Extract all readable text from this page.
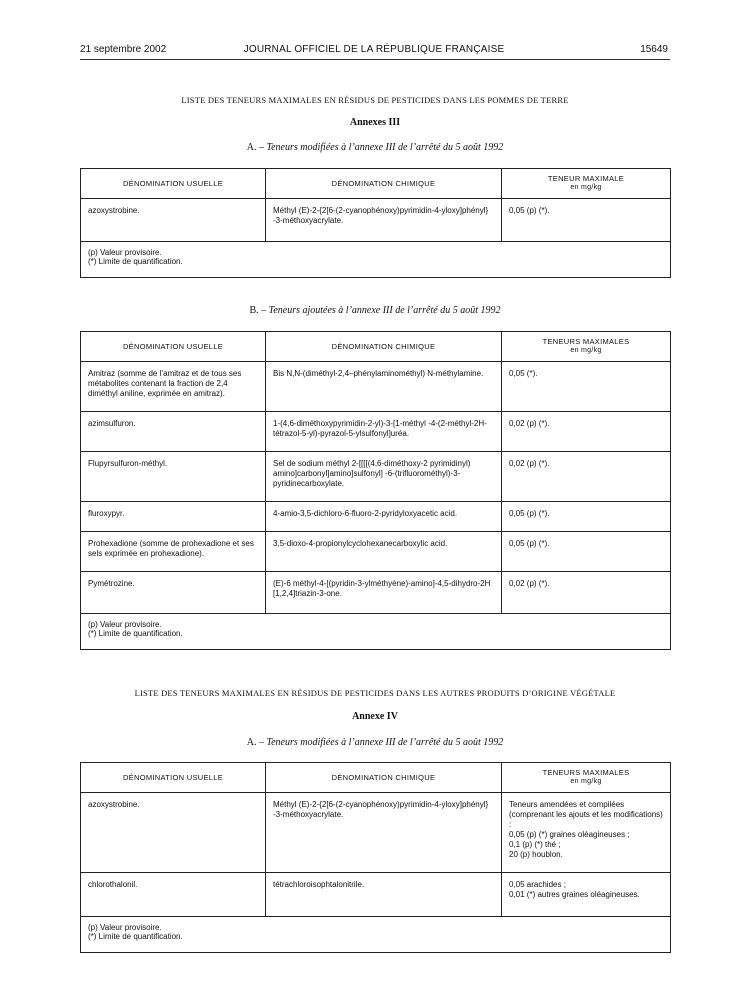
21 septembre 2002	JOURNAL OFFICIEL DE LA RÉPUBLIQUE FRANÇAISE	15649
LISTE DES TENEURS MAXIMALES EN RÉSIDUS DE PESTICIDES DANS LES POMMES DE TERRE
Annexes III
A. – Teneurs modifiées à l’annexe III de l’arrêté du 5 août 1992
DÉNOMINATION USUELLE	DÉNOMINATION CHIMIQUE	TENEUR MAXIMALE
en mg/kg

azoxystrobine.	Méthyl (E)-2-{2[6-(2-cyanophénoxy)pyrimidin-4-yloxy]phényl} -3-méthoxyacrylate.	0,05 (p) (*).

(p) Valeur provisoire.
(*) Limite de quantification.		
B. – Teneurs ajoutées à l’annexe III de l’arrêté du 5 août 1992
DÉNOMINATION USUELLE	DÉNOMINATION CHIMIQUE	TENEURS MAXIMALES
en mg/kg

Amitraz (somme de l’amitraz et de tous ses métabolites contenant la fraction de 2,4 diméthyl aniline, exprimée en amitraz).	Bis N,N-(diméthyl-2,4–phénylaminométhyl) N-méthylamine.	0,05 (*).
azimsulfuron.	1-(4,6-diméthoxypyrimidin-2-yl)-3-[1-méthyl -4-(2-méthyl-2H-tétrazol-5-yl)-pyrazol-5-ylsulfonyl]uréa.	0,02 (p) (*).
Flupyrsulfuron-méthyl.	Sel de sodium méthyl 2-[[[[(4,6-diméthoxy-2 pyrimidinyl) amino]carbonyl]amino]sulfonyl] -6-(trifluorométhyl)-3-pyridinecarboxylate.	0,02 (p) (*).
fluroxypyr.	4-amio-3,5-dichloro-6-fluoro-2-pyridyloxyacetic acid.	0,05 (p) (*).
Prohexadione (somme de prohexadione et ses sels exprimée en prohexadione).	3,5-dioxo-4-propionylcyclohexanecarboxylic acid.	0,05 (p) (*).
Pymétrozine.	(E)-6 méthyl-4-[(pyridin-3-ylméthyène)-amino]-4,5-dihydro-2H [1,2,4]triazin-3-one.	0,02 (p) (*).

(p) Valeur provisoire.
(*) Limite de quantification.		
LISTE DES TENEURS MAXIMALES EN RÉSIDUS DE PESTICIDES DANS LES AUTRES PRODUITS D’ORIGINE VÉGÉTALE
Annexe IV
A. – Teneurs modifiées à l’annexe III de l’arrêté du 5 août 1992
DÉNOMINATION USUELLE	DÉNOMINATION CHIMIQUE	TENEURS MAXIMALES
en mg/kg

azoxystrobine.	Méthyl (E)-2-{2[6-(2-cyanophénoxy)pyrimidin-4-yloxy]phényl} -3-méthoxyacrylate.	Teneurs amendées et compilées
(comprenant les ajouts et les modifications) :
0,05 (p) (*) graines oléagineuses ;
0,1 (p) (*) thé ;
20 (p) houblon.

chlorothalonil.	tétrachloroisophtalonitrile.	0,05 arachides ;
0,01 (*) autres graines oléagineuses.

(p) Valeur provisoire.
(*) Limite de quantification.		
